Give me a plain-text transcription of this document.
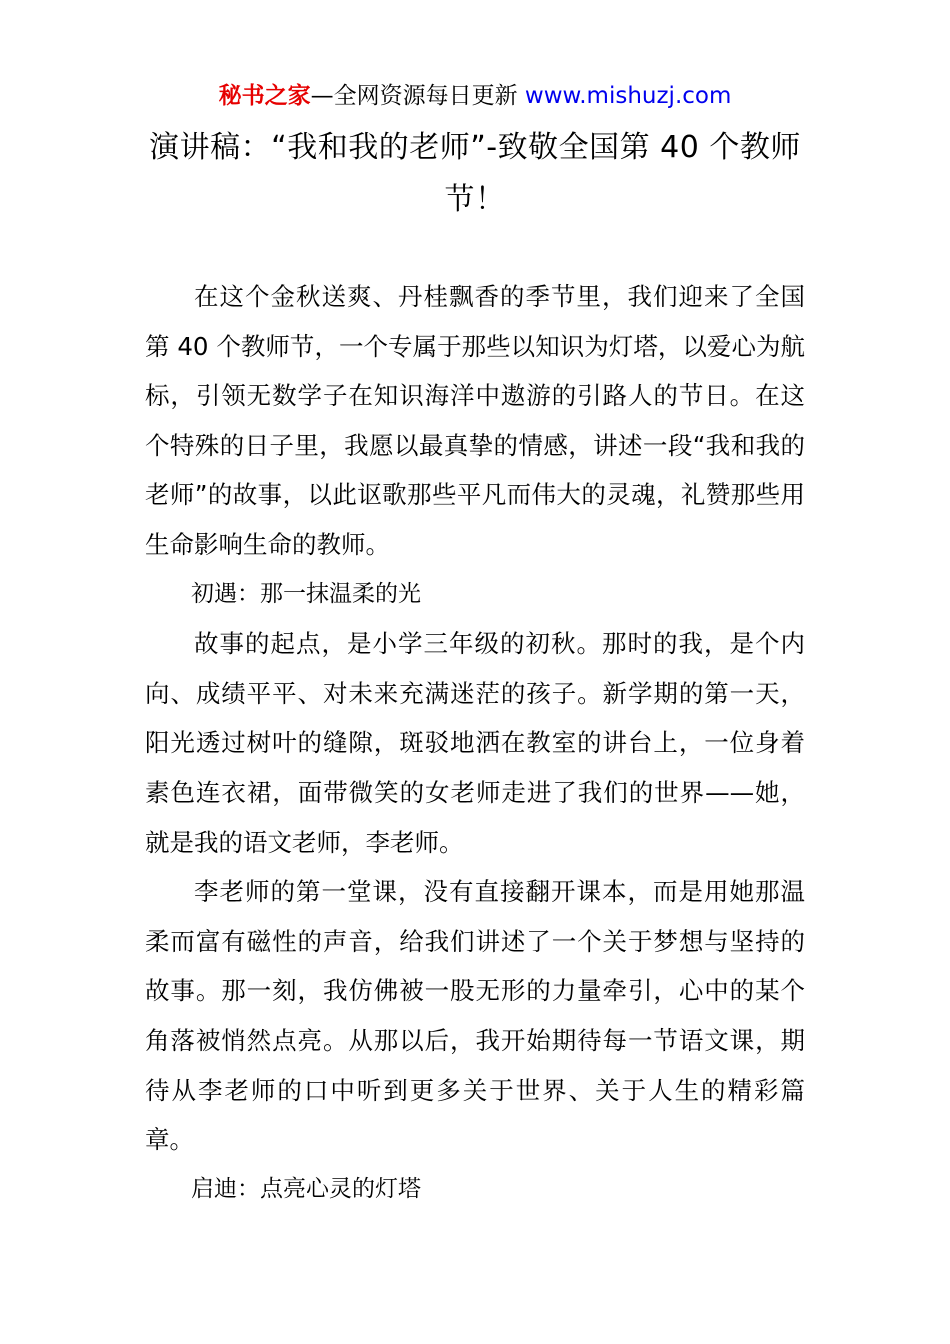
秘书之家—全网资源每日更新 www.mishuzj.com
演讲稿：“我和我的老师”-致敬全国第 40 个教师节！

在这个金秋送爽、丹桂飘香的季节里，我们迎来了全国第 40 个教师节，一个专属于那些以知识为灯塔，以爱心为航标，引领无数学子在知识海洋中遨游的引路人的节日。在这个特殊的日子里，我愿以最真挚的情感，讲述一段“我和我的老师”的故事，以此讴歌那些平凡而伟大的灵魂，礼赞那些用生命影响生命的教师。

初遇：那一抹温柔的光

故事的起点，是小学三年级的初秋。那时的我，是个内向、成绩平平、对未来充满迷茫的孩子。新学期的第一天，阳光透过树叶的缝隙，斑驳地洒在教室的讲台上，一位身着素色连衣裙，面带微笑的女老师走进了我们的世界——她，就是我的语文老师，李老师。

李老师的第一堂课，没有直接翻开课本，而是用她那温柔而富有磁性的声音，给我们讲述了一个关于梦想与坚持的故事。那一刻，我仿佛被一股无形的力量牵引，心中的某个角落被悄然点亮。从那以后，我开始期待每一节语文课，期待从李老师的口中听到更多关于世界、关于人生的精彩篇章。

启迪：点亮心灵的灯塔
